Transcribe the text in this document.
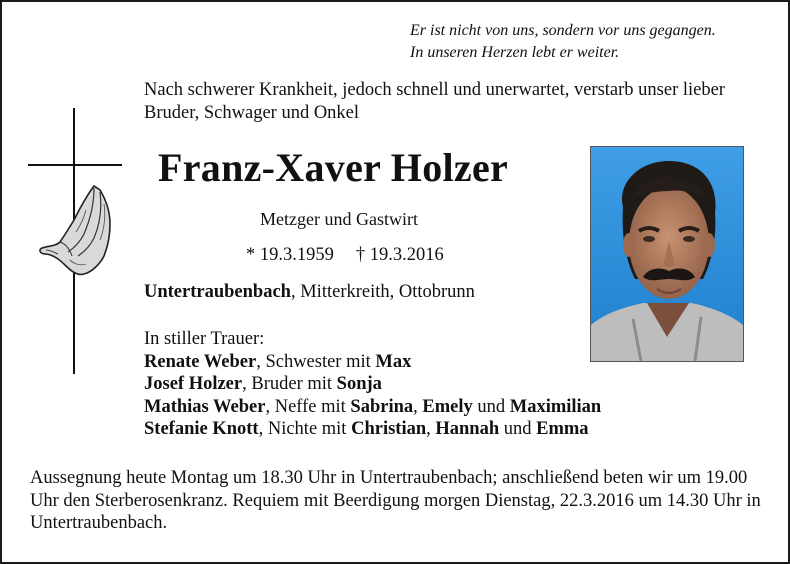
Er ist nicht von uns, sondern vor uns gegangen.
In unseren Herzen lebt er weiter.
Nach schwerer Krankheit, jedoch schnell und unerwartet, verstarb unser lieber Bruder, Schwager und Onkel
Franz-Xaver Holzer
Metzger und Gastwirt
* 19.3.1959 † 19.3.2016
Untertraubenbach, Mitterkreith, Ottobrunn
In stiller Trauer:
Renate Weber, Schwester mit Max
Josef Holzer, Bruder mit Sonja
Mathias Weber, Neffe mit Sabrina, Emely und Maximilian
Stefanie Knott, Nichte mit Christian, Hannah und Emma
Aussegnung heute Montag um 18.30 Uhr in Untertraubenbach; anschließend beten wir um 19.00 Uhr den Sterberosenkranz. Requiem mit Beerdigung morgen Dienstag, 22.3.2016 um 14.30 Uhr in Untertraubenbach.
